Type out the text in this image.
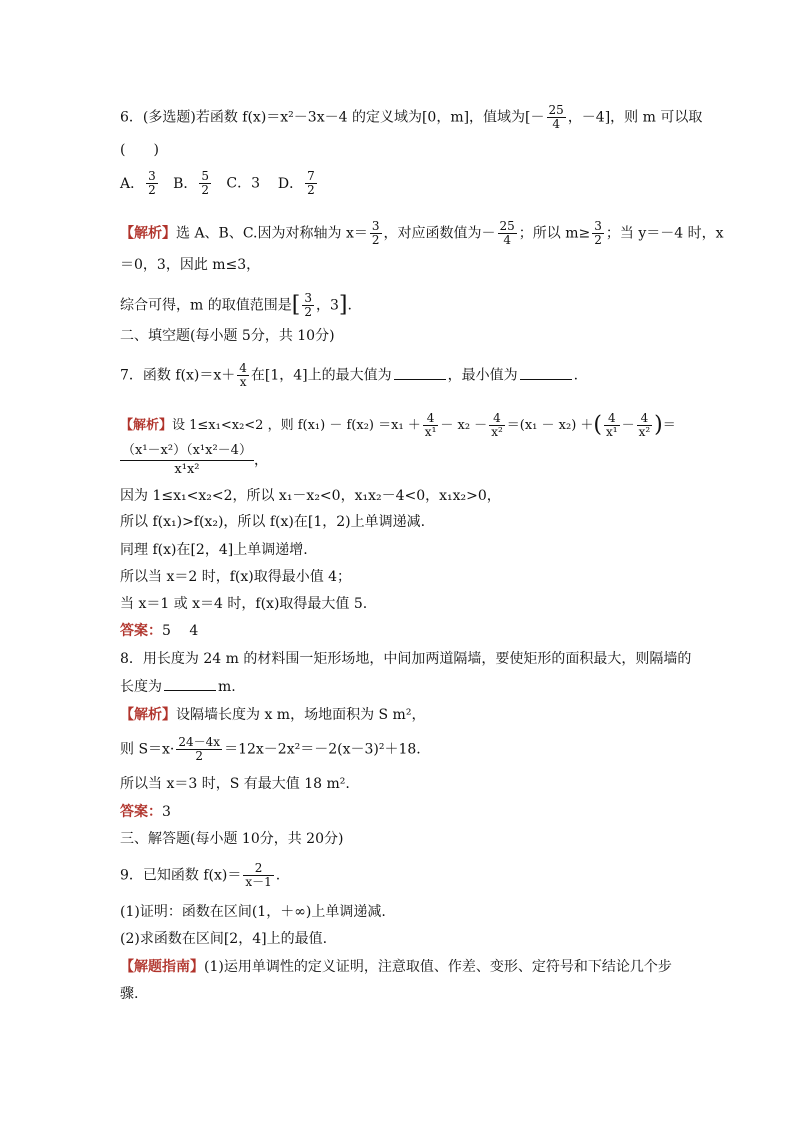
6．(多选题)若函数 f(x)＝x²－3x－4 的定义域为[0，m]，值域为[－ $\frac{25}{4}$ ，－4]，则 m 可以取
(　　)
A． $\frac{3}{2}$ B． $\frac{5}{2}$ C．3 D． $\frac{7}{2}$
【解析】选 A、B、C.因为对称轴为 $x= \frac{3}{2}$ ，对应函数值为－ $\frac{25}{4}$ ；所以 $m\ge \frac{3}{2}$ ；当 y＝－4 时，x
＝0，3，因此 m≤3，
综合可得，m 的取值范围是[ $\frac{3}{2}$ ，3].
二、填空题(每小题 5分，共 10分)
7．函数 $f(x)=x+ \frac{4}{x}$ 在[1，4]上的最大值为	，最小值为	.
【解析】设 1≤x₁<x₂<2 ，则 $f(x_1) - f(x_2) =x_1 + \frac{4}{\text{x¹}} - x_2 - \frac{4}{\text{x²}} =(x_1 - x_2)$ ＋( $\frac{4}{\text{x¹}} - \frac{4}{\text{x²}}$ )＝
$\frac{\text{（x¹－x²）（x¹x²－4）}}{\text{x¹x²}}$ ，
因为 1≤x₁<x₂<2，所以 x₁－x₂<0，x₁x₂－4<0，x₁x₂>0，
所以 f(x₁)>f(x₂)，所以 f(x)在[1，2)上单调递减.
同理 f(x)在[2，4]上单调递增.
所以当 x＝2 时，f(x)取得最小值 4；
当 x＝1 或 x＝4 时，f(x)取得最大值 5.
答案：5　 4
8．用长度为 24 m 的材料围一矩形场地，中间加两道隔墙，要使矩形的面积最大，则隔墙的
长度为	m.
【解析】设隔墙长度为 x m，场地面积为 S m²，
则 $S=x\cdot \frac{24-4x}{2} =12x-2x^2=-2(x-3)^2+18$.
所以当 x＝3 时，S 有最大值 18 m².
答案：3
三、解答题(每小题 10分，共 20分)
9．已知函数 $f(x)= \frac{2}{x-1}$ .
(1)证明：函数在区间(1，＋∞)上单调递减.
(2)求函数在区间[2，4]上的最值.
【解题指南】(1)运用单调性的定义证明，注意取值、作差、变形、定符号和下结论几个步
骤.
